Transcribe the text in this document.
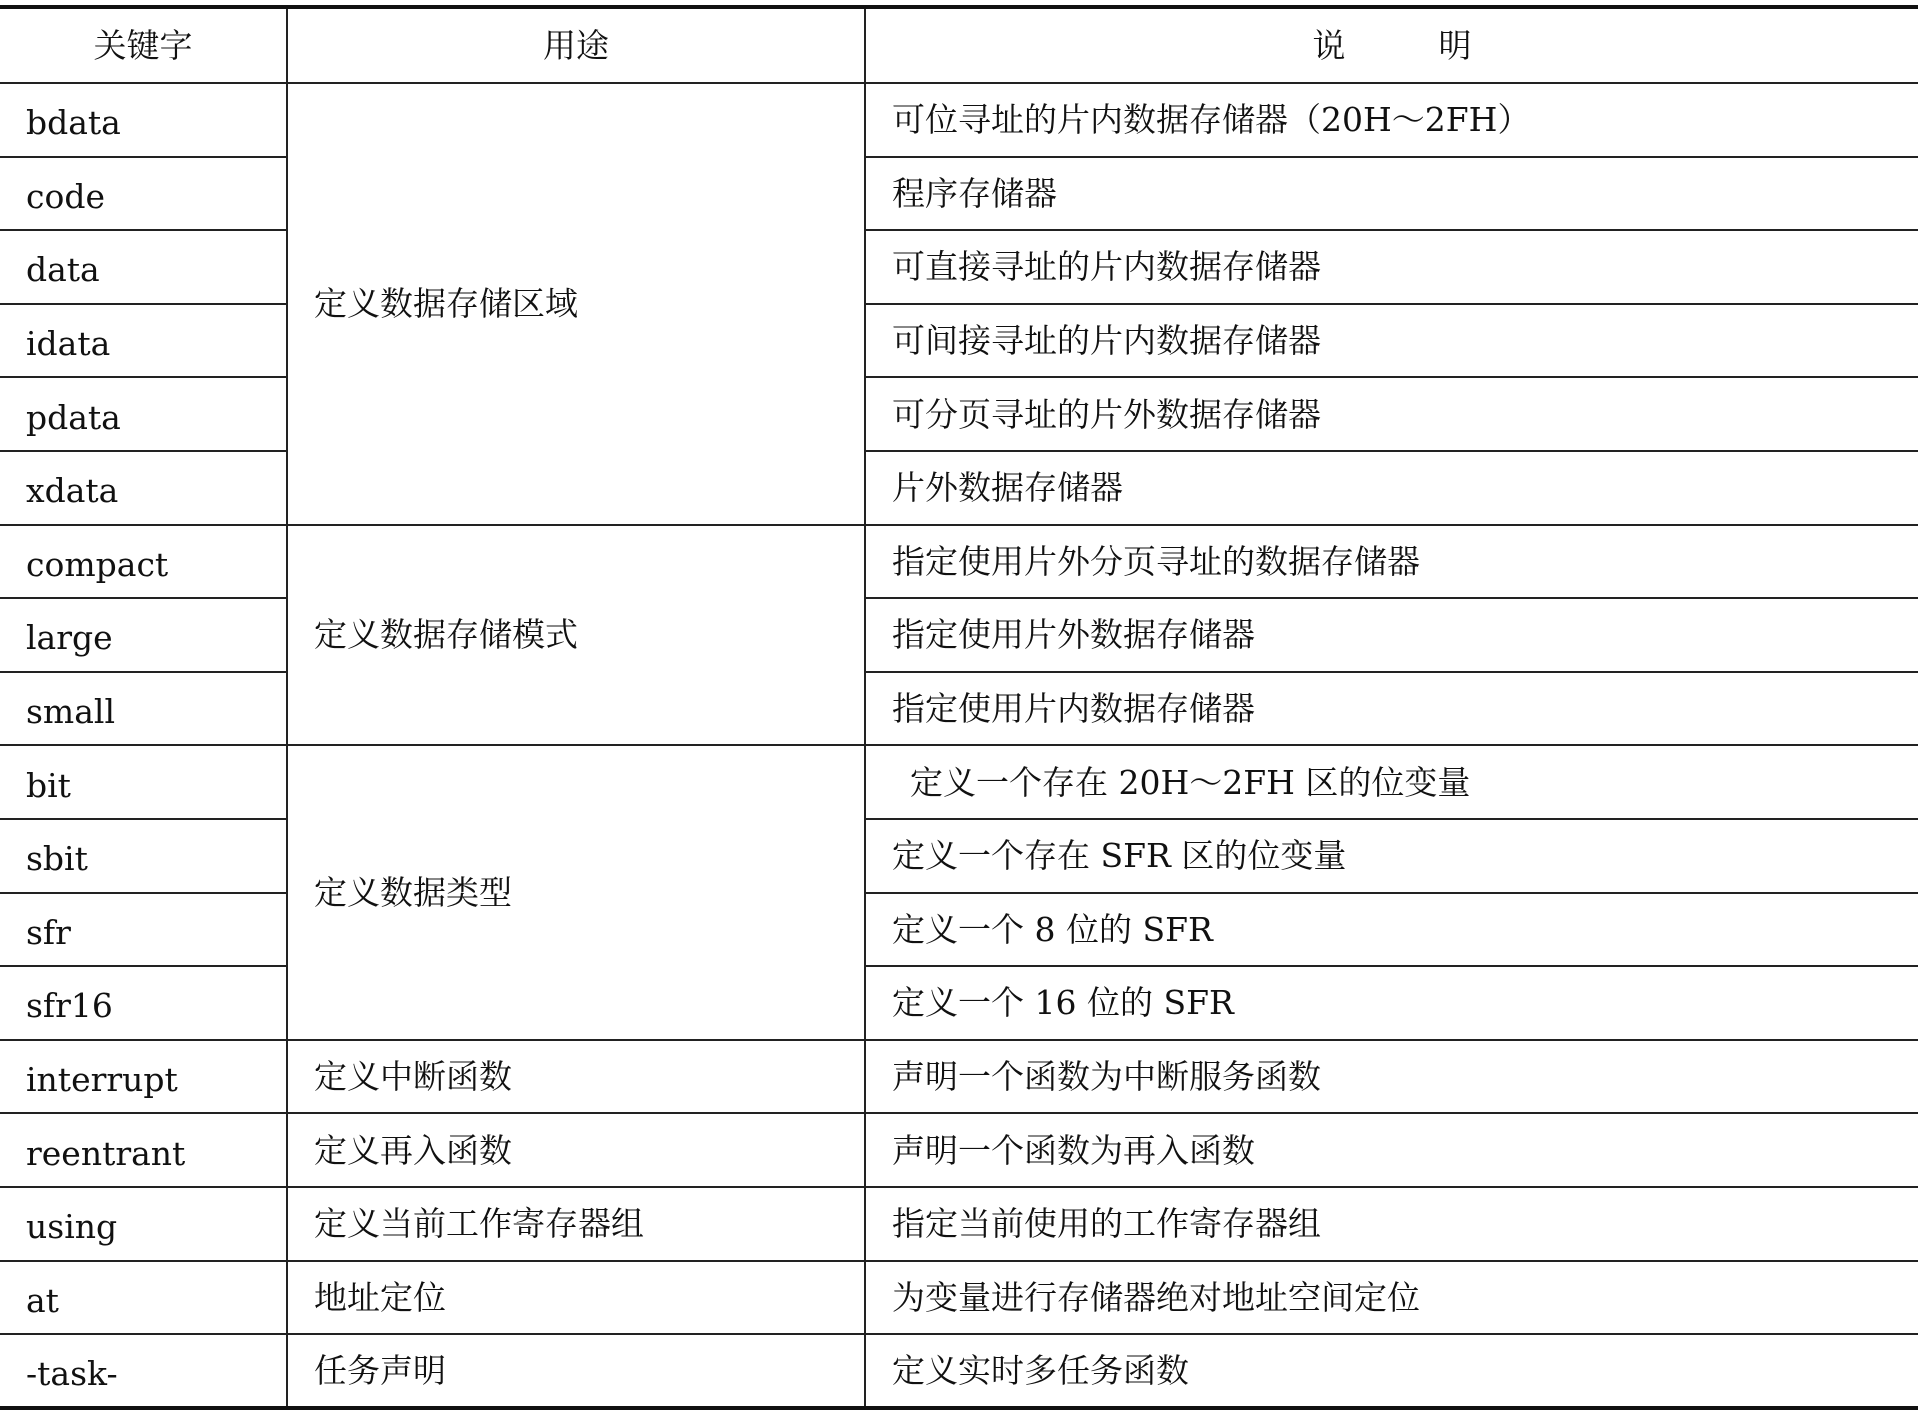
关键字	用途	说　明
bdata	定义数据存储区域	可位寻址的片内数据存储器（20H～2FH）
code		程序存储器
data		可直接寻址的片内数据存储器
idata		可间接寻址的片内数据存储器
pdata		可分页寻址的片外数据存储器
xdata		片外数据存储器
compact	定义数据存储模式	指定使用片外分页寻址的数据存储器
large		指定使用片外数据存储器
small		指定使用片内数据存储器
bit	定义数据类型	定义一个存在 20H～2FH 区的位变量
sbit		定义一个存在 SFR 区的位变量
sfr		定义一个 8 位的 SFR
sfr16		定义一个 16 位的 SFR
interrupt	定义中断函数	声明一个函数为中断服务函数
reentrant	定义再入函数	声明一个函数为再入函数
using	定义当前工作寄存器组	指定当前使用的工作寄存器组
at	地址定位	为变量进行存储器绝对地址空间定位
-task-	任务声明	定义实时多任务函数
